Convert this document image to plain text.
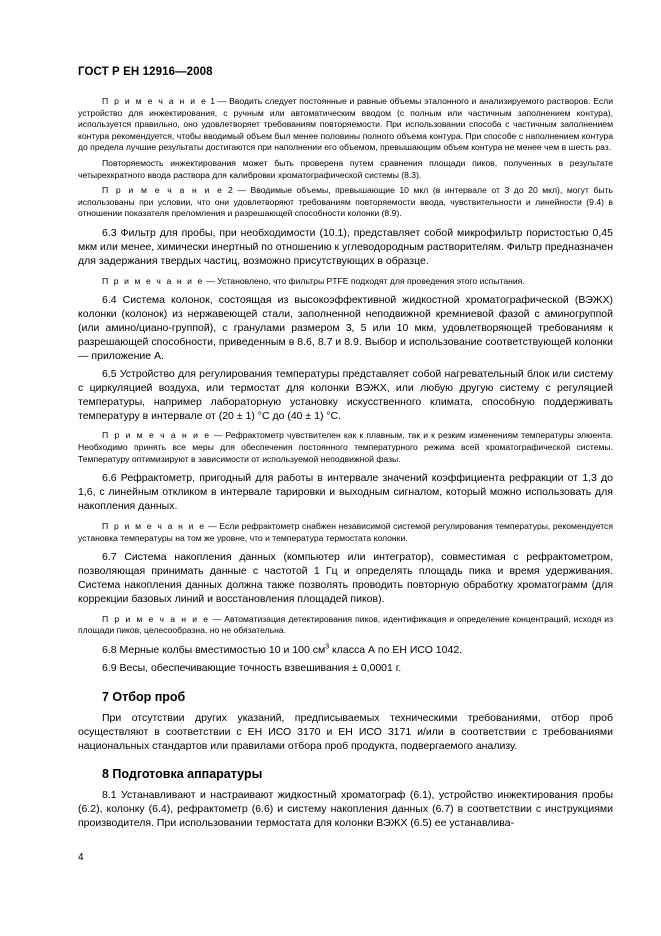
ГОСТ Р ЕН 12916—2008

П р и м е ч а н и е 1 — Вводить следует постоянные и равные объемы эталонного и анализируемого растворов. Если устройство для инжектирования, с ручным или автоматическим вводом (с полным или частичным заполнением контура), используется правильно, оно удовлетворяет требованиям повторяемости. При использовании способа с частичным заполнением контура рекомендуется, чтобы вводимый объем был менее половины полного объема контура. При способе с наполнением контура до предела лучшие результаты достигаются при наполнении его объемом, превышающим объем контура не менее чем в шесть раз.

Повторяемость инжектирования может быть проверена путем сравнения площади пиков, полученных в результате четырехкратного ввода раствора для калибровки хроматографической системы (8.3).

П р и м е ч а н и е 2 — Вводимые объемы, превышающие 10 мкл (в интервале от 3 до 20 мкл), могут быть использованы при условии, что они удовлетворяют требованиям повторяемости ввода, чувствительности и линейности (9.4) в отношении показателя преломления и разрешающей способности колонки (8.9).

6.3 Фильтр для пробы, при необходимости (10.1), представляет собой микрофильтр пористостью 0,45 мкм или менее, химически инертный по отношению к углеводородным растворителям. Фильтр предназначен для задержания твердых частиц, возможно присутствующих в образце.

П р и м е ч а н и е — Установлено, что фильтры PTFE подходят для проведения этого испытания.

6.4 Система колонок, состоящая из высокоэффективной жидкостной хроматографической (ВЭЖХ) колонки (колонок) из нержавеющей стали, заполненной неподвижной кремниевой фазой с аминогруппой (или амино/циано-группой), с гранулами размером 3, 5 или 10 мкм, удовлетворяющей требованиям к разрешающей способности, приведенным в 8.6, 8.7 и 8.9. Выбор и использование соответствующей колонки — приложение А.

6.5 Устройство для регулирования температуры представляет собой нагревательный блок или систему с циркуляцией воздуха, или термостат для колонки ВЭЖХ, или любую другую систему с регуляцией температуры, например лабораторную установку искусственного климата, способную поддерживать температуру в интервале от (20 ± 1) °С до (40 ± 1) °С.

П р и м е ч а н и е — Рефрактометр чувствителен как к плавным, так и к резким изменениям температуры элюента. Необходимо принять все меры для обеспечения постоянного температурного режима всей хроматографической системы. Температуру оптимизируют в зависимости от используемой неподвижной фазы.

6.6 Рефрактометр, пригодный для работы в интервале значений коэффициента рефракции от 1,3 до 1,6, с линейным откликом в интервале тарировки и выходным сигналом, который можно использовать для накопления данных.

П р и м е ч а н и е — Если рефрактометр снабжен независимой системой регулирования температуры, рекомендуется установка температуры на том же уровне, что и температура термостата колонки.

6.7 Система накопления данных (компьютер или интегратор), совместимая с рефрактометром, позволяющая принимать данные с частотой 1 Гц и определять площадь пика и время удерживания. Система накопления данных должна также позволять проводить повторную обработку хроматограмм (для коррекции базовых линий и восстановления площадей пиков).

П р и м е ч а н и е — Автоматизация детектирования пиков, идентификация и определение концентраций, исходя из площади пиков, целесообразна, но не обязательна.

6.8 Мерные колбы вместимостью 10 и 100 $см^3$ класса А по ЕН ИСО 1042.

6.9 Весы, обеспечивающие точность взвешивания ± 0,0001 г.

7 Отбор проб

При отсутствии других указаний, предписываемых техническими требованиями, отбор проб осуществляют в соответствии с ЕН ИСО 3170 и ЕН ИСО 3171 и/или в соответствии с требованиями национальных стандартов или правилами отбора проб продукта, подвергаемого анализу.

8 Подготовка аппаратуры

8.1 Устанавливают и настраивают жидкостный хроматограф (6.1), устройство инжектирования пробы (6.2), колонку (6.4), рефрактометр (6.6) и систему накопления данных (6.7) в соответствии с инструкциями производителя. При использовании термостата для колонки ВЭЖХ (6.5) ее устанавлива-

4
